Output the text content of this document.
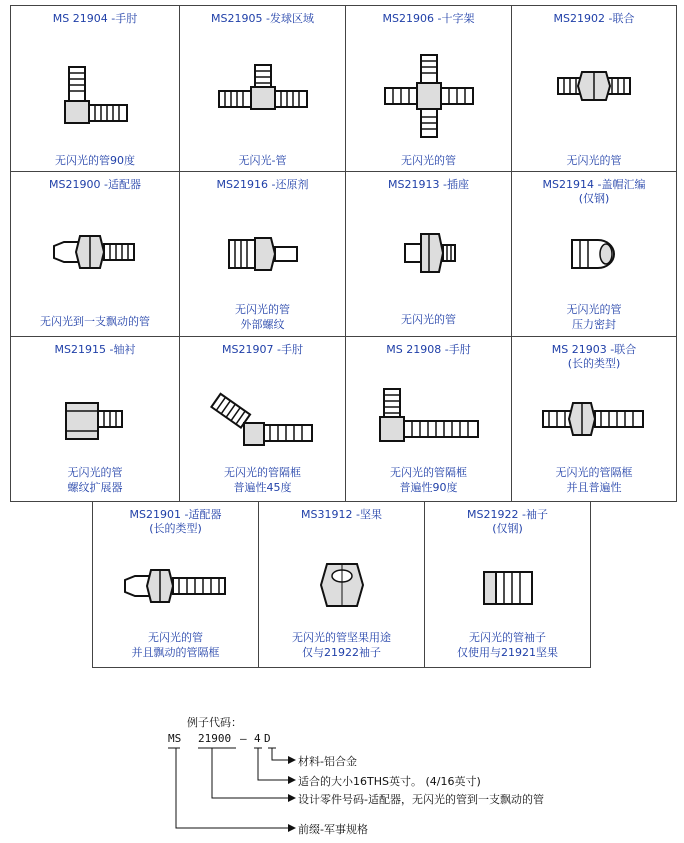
MS 21904 -手肘
无闪光的管90度
MS21905 -发球区域
无闪光-管
MS21906 -十字架
无闪光的管
MS21902 -联合
无闪光的管
MS21900 -适配器
无闪光到一支飘动的管
MS21916 -还原剂
无闪光的管
外部螺纹
MS21913 -插座
无闪光的管
MS21914 -盖帽汇编
(仅钢)
无闪光的管
压力密封
MS21915 -轴衬
无闪光的管
螺纹扩展器
MS21907 -手肘
无闪光的管隔框
普遍性45度
MS 21908 -手肘
无闪光的管隔框
普遍性90度
MS 21903 -联合
(长的类型)
无闪光的管隔框
并且普遍性
MS21901 -适配器
(长的类型)
无闪光的管
并且飘动的管隔框
MS31912 -坚果
无闪光的管坚果用途
仅与21922袖子
MS21922 -袖子
(仅钢)
无闪光的管袖子
仅使用与21921坚果
例子代码：
MS 21900 – 4 D
材料-铝合金
适合的大小16THS英寸。 (4/16英寸)
设计零件号码-适配器，无闪光的管到一支飘动的管
前缀-军事规格
